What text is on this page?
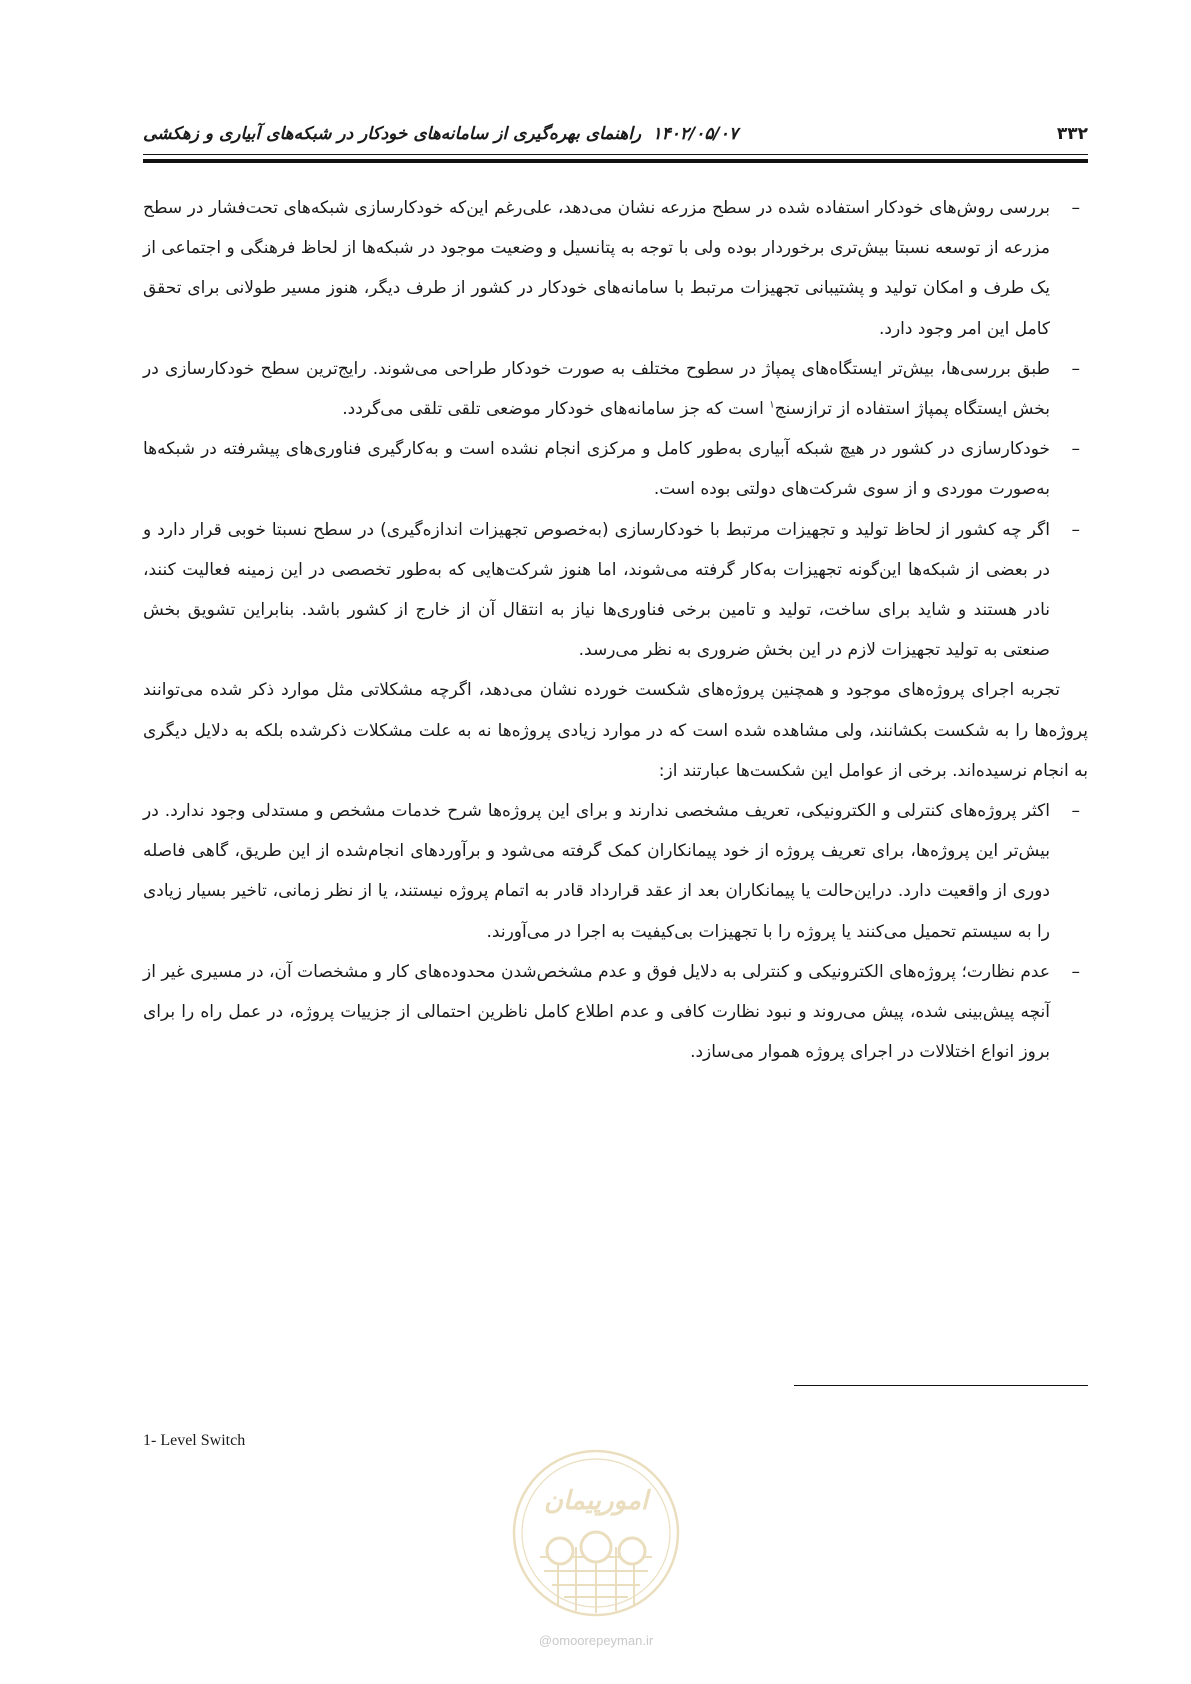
۳۳۲
۱۴۰۲/۰۵/۰۷
راهنمای بهره‌گیری از سامانه‌های خودکار در شبکه‌های آبیاری و زهکشی
–
بررسی روش‌های خودکار استفاده شده در سطح مزرعه نشان می‌دهد، علی‌رغم این‌که خودکارسازی شبکه‌های تحت‌فشار در سطح مزرعه از توسعه نسبتا بیش‌تری برخوردار بوده ولی با توجه به پتانسیل و وضعیت موجود در شبکه‌ها از لحاظ فرهنگی و اجتماعی از یک طرف و امکان تولید و پشتیبانی تجهیزات مرتبط با سامانه‌های خودکار در کشور از طرف دیگر، هنوز مسیر طولانی برای تحقق کامل این امر وجود دارد.
–
طبق بررسی‌ها، بیش‌تر ایستگاه‌های پمپاژ در سطوح مختلف به صورت خودکار طراحی می‌شوند. رایج‌ترین سطح خودکارسازی در بخش ایستگاه پمپاژ استفاده از ترازسنج$^۱$ است که جز سامانه‌های خودکار موضعی تلقی تلقی می‌گردد.
–
خودکارسازی در کشور در هیچ شبکه آبیاری به‌طور کامل و مرکزی انجام نشده است و به‌کارگیری فناوری‌های پیشرفته در شبکه‌ها به‌صورت موردی و از سوی شرکت‌های دولتی بوده است.
–
اگر چه کشور از لحاظ تولید و تجهیزات مرتبط با خودکارسازی (به‌خصوص تجهیزات اندازه‌گیری) در سطح نسبتا خوبی قرار دارد و در بعضی از شبکه‌ها این‌گونه تجهیزات به‌کار گرفته می‌شوند، اما هنوز شرکت‌هایی که به‌طور تخصصی در این زمینه فعالیت کنند، نادر هستند و شاید برای ساخت، تولید و تامین برخی فناوری‌ها نیاز به انتقال آن از خارج از کشور باشد. بنابراین تشویق بخش صنعتی به تولید تجهیزات لازم در این بخش ضروری به نظر می‌رسد.

تجربه اجرای پروژه‌های موجود و همچنین پروژه‌های شکست خورده نشان می‌دهد، اگرچه مشکلاتی مثل موارد ذکر شده می‌توانند پروژه‌ها را به شکست بکشانند، ولی مشاهده شده است که در موارد زیادی پروژه‌ها نه به علت مشکلات ذکرشده بلکه به دلایل دیگری به انجام نرسیده‌اند. برخی از عوامل این شکست‌ها عبارتند از:

–
اکثر پروژه‌های کنترلی و الکترونیکی، تعریف مشخصی ندارند و برای این پروژه‌ها شرح خدمات مشخص و مستدلی وجود ندارد. در بیش‌تر این پروژه‌ها، برای تعریف پروژه از خود پیمانکاران کمک گرفته می‌شود و برآوردهای انجام‌شده از این طریق، گاهی فاصله دوری از واقعیت دارد. دراین‌حالت یا پیمانکاران بعد از عقد قرارداد قادر به اتمام پروژه نیستند، یا از نظر زمانی، تاخیر بسیار زیادی را به سیستم تحمیل می‌کنند یا پروژه را با تجهیزات بی‌کیفیت به اجرا در می‌آورند.
–
عدم نظارت؛ پروژه‌های الکترونیکی و کنترلی به دلایل فوق و عدم مشخص‌شدن محدوده‌های کار و مشخصات آن، در مسیری غیر از آنچه پیش‌بینی شده، پیش می‌روند و نبود نظارت کافی و عدم اطلاع کامل ناظرین احتمالی از جزییات پروژه، در عمل راه را برای بروز انواع اختلالات در اجرای پروژه هموار می‌سازد.
1- Level Switch
امورپیمان
@omoorepeyman.ir
